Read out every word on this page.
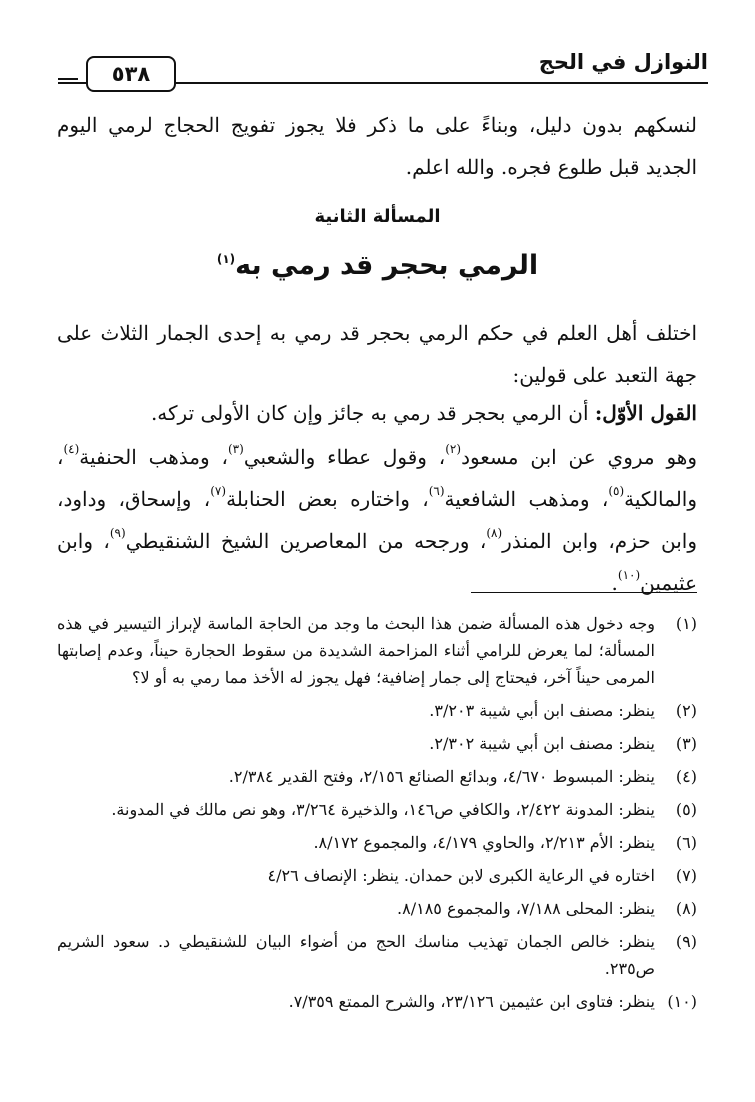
النوازل في الحج
٥٣٨
لنسكهم بدون دليل، وبناءً على ما ذكر فلا يجوز تفويج الحجاج لرمي اليوم الجديد قبل طلوع فجره. والله اعلم.
المسألة الثانية
الرمي بحجر قد رمي به$^{(١)}$
اختلف أهل العلم في حكم الرمي بحجر قد رمي به إحدى الجمار الثلاث على جهة التعبد على قولين:
القول الأوّل: أن الرمي بحجر قد رمي به جائز وإن كان الأولى تركه.
وهو مروي عن ابن مسعود$^{(٢)}$، وقول عطاء والشعبي$^{(٣)}$، ومذهب الحنفية$^{(٤)}$، والمالكية$^{(٥)}$، ومذهب الشافعية$^{(٦)}$، واختاره بعض الحنابلة$^{(٧)}$، وإسحاق، وداود، وابن حزم، وابن المنذر$^{(٨)}$، ورجحه من المعاصرين الشيخ الشنقيطي$^{(٩)}$، وابن عثيمين$^{(١٠)}$.
(١)
وجه دخول هذه المسألة ضمن هذا البحث ما وجد من الحاجة الماسة لإبراز التيسير في هذه المسألة؛ لما يعرض للرامي أثناء المزاحمة الشديدة من سقوط الحجارة حيناً، وعدم إصابتها المرمى حيناً آخر، فيحتاج إلى جمار إضافية؛ فهل يجوز له الأخذ مما رمي به أو لا؟
(٢)
ينظر: مصنف ابن أبي شيبة ٣/٢٠٣.
(٣)
ينظر: مصنف ابن أبي شيبة ٢/٣٠٢.
(٤)
ينظر: المبسوط ٤/٦٧٠، وبدائع الصنائع ٢/١٥٦، وفتح القدير ٢/٣٨٤.
(٥)
ينظر: المدونة ٢/٤٢٢، والكافي ص١٤٦، والذخيرة ٣/٢٦٤، وهو نص مالك في المدونة.
(٦)
ينظر: الأم ٢/٢١٣، والحاوي ٤/١٧٩، والمجموع ٨/١٧٢.
(٧)
اختاره في الرعاية الكبرى لابن حمدان. ينظر: الإنصاف ٤/٢٦
(٨)
ينظر: المحلى ٧/١٨٨، والمجموع ٨/١٨٥.
(٩)
ينظر: خالص الجمان تهذيب مناسك الحج من أضواء البيان للشنقيطي د. سعود الشريم ص٢٣٥.
(١٠)
ينظر: فتاوى ابن عثيمين ٢٣/١٢٦، والشرح الممتع ٧/٣٥٩.
